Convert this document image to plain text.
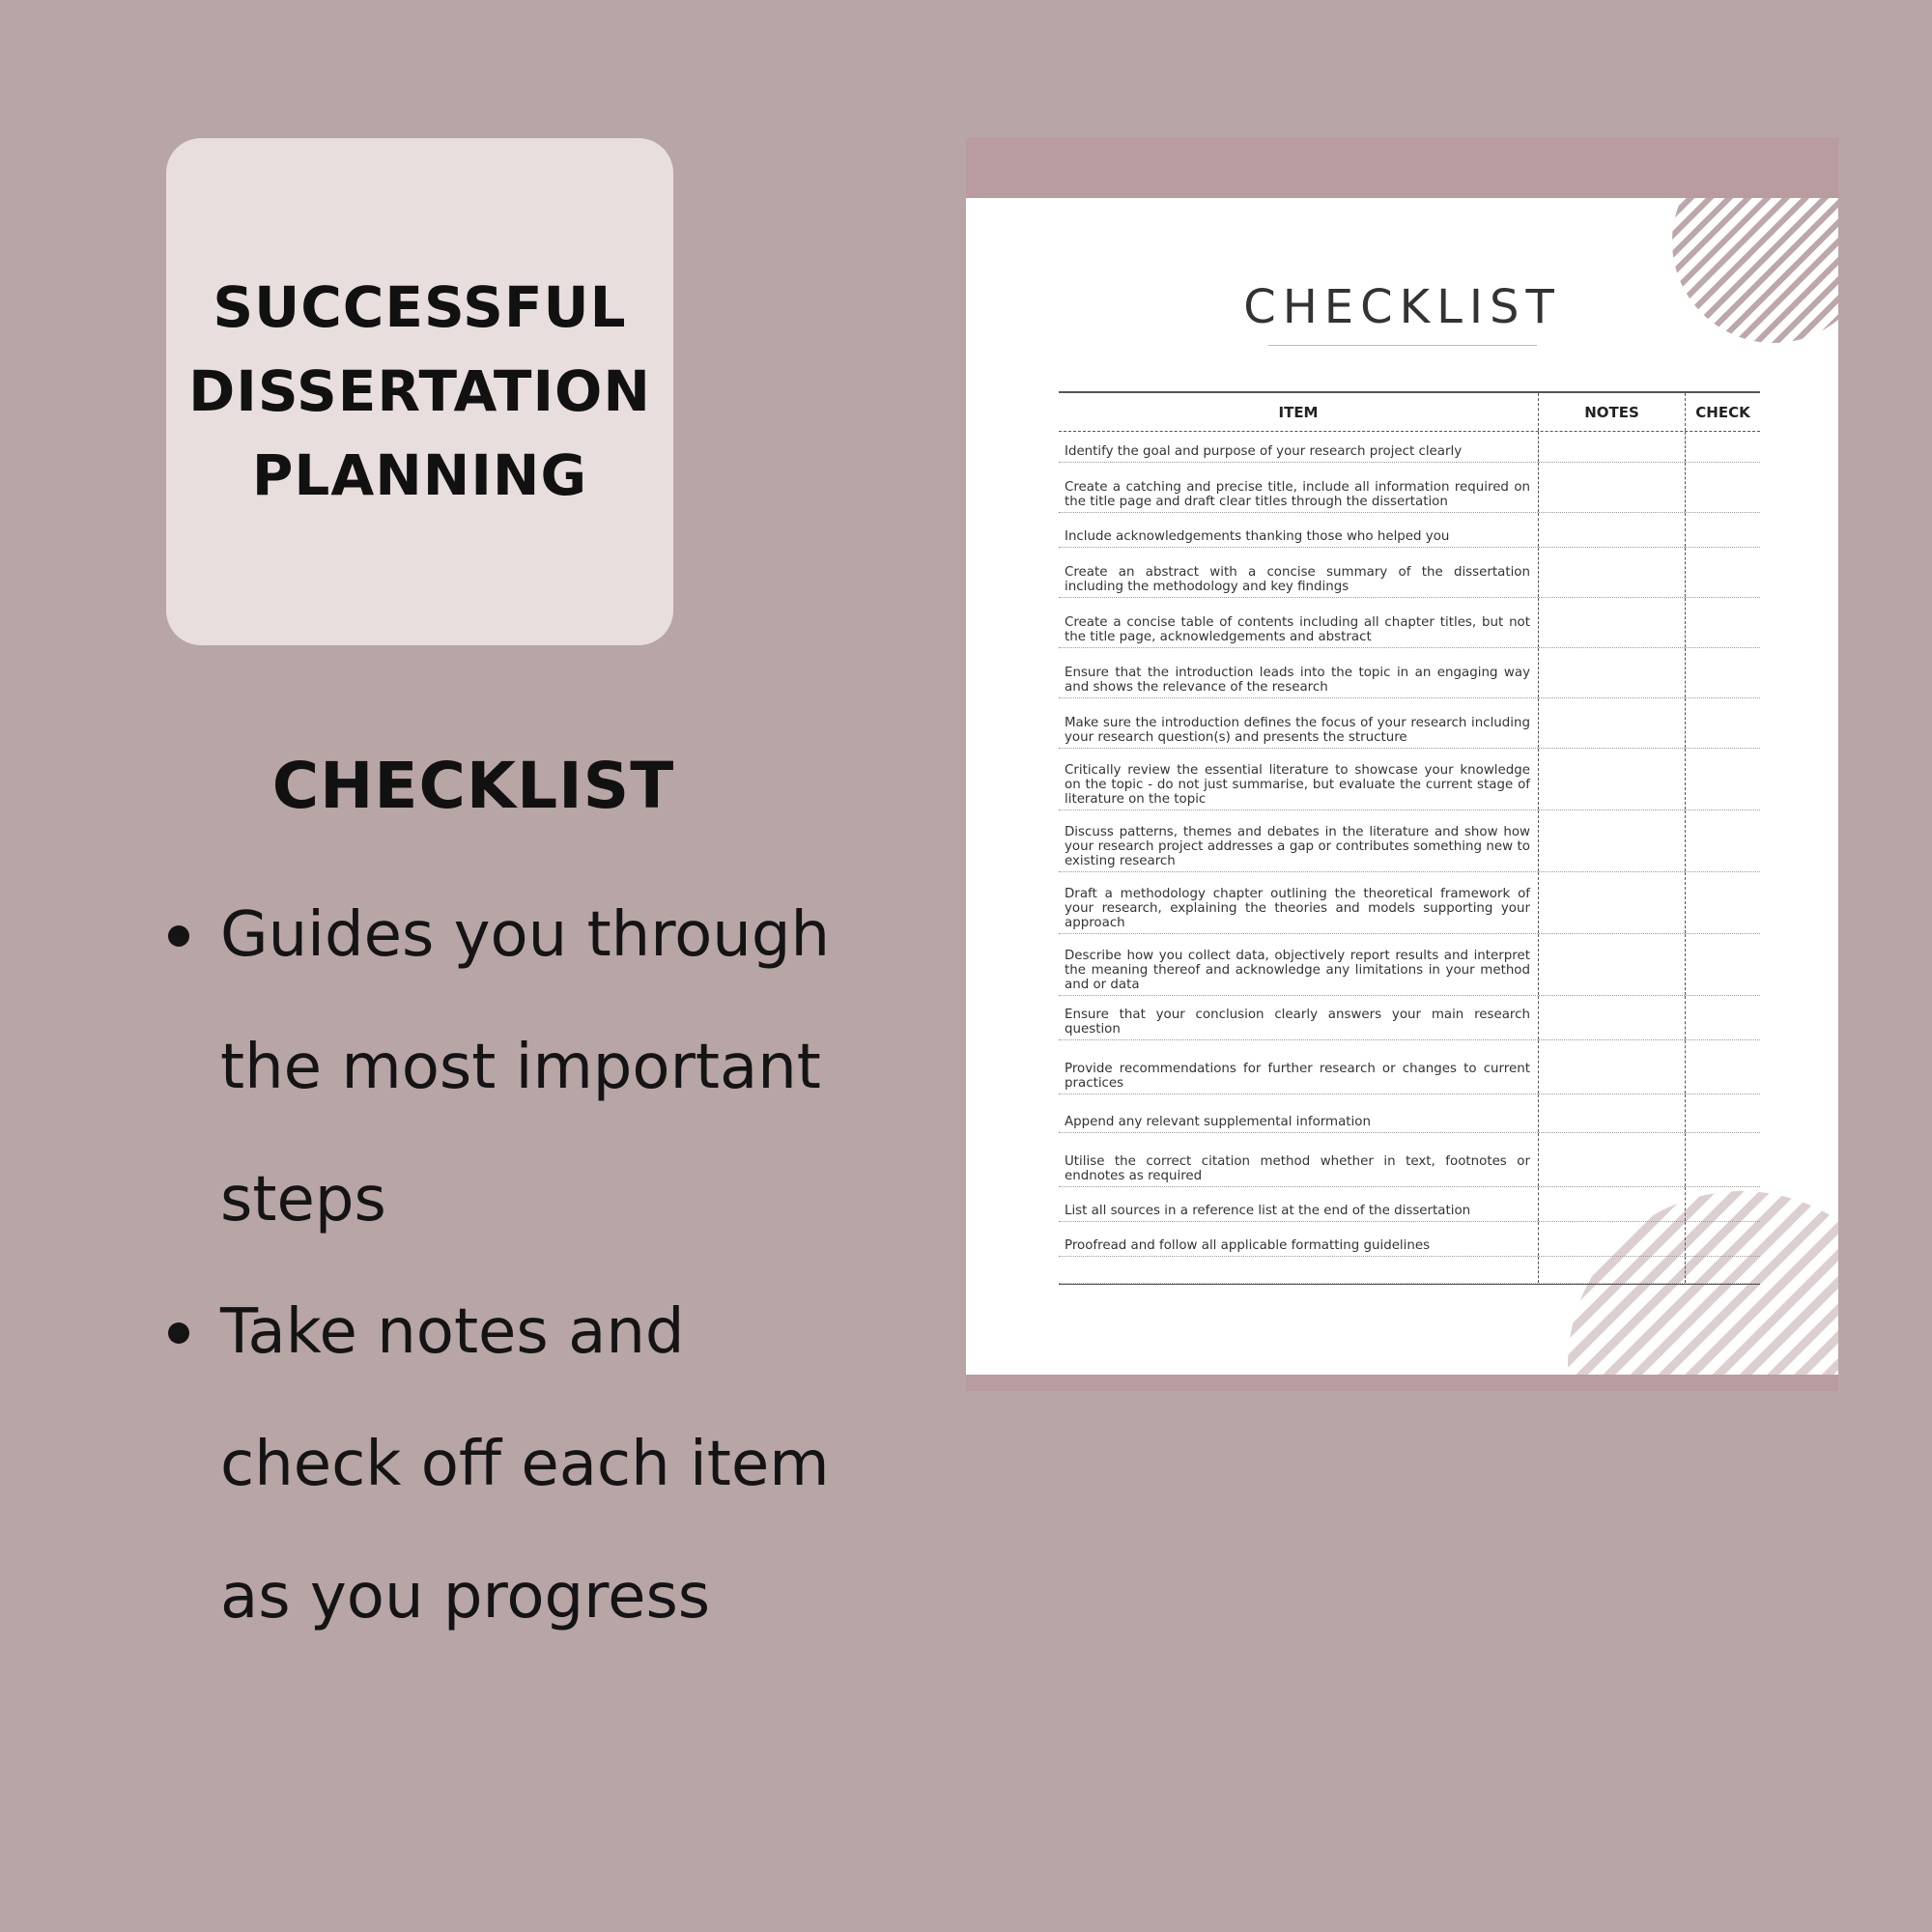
SUCCESSFUL
DISSERTATION
PLANNING
CHECKLIST
Guides you through the most important steps
Take notes and check off each item as you progress
CHECKLIST
ITEM	NOTES	CHECK
Identify the goal and purpose of your research project clearly
Create a catching and precise title, include all information required on the title page and draft clear titles through the dissertation
Include acknowledgements thanking those who helped you
Create an abstract with a concise summary of the dissertation including the methodology and key findings
Create a concise table of contents including all chapter titles, but not the title page, acknowledgements and abstract
Ensure that the introduction leads into the topic in an engaging way and shows the relevance of the research
Make sure the introduction defines the focus of your research including your research question(s) and presents the structure
Critically review the essential literature to showcase your knowledge on the topic - do not just summarise, but evaluate the current stage of literature on the topic
Discuss patterns, themes and debates in the literature and show how your research project addresses a gap or contributes something new to existing research
Draft a methodology chapter outlining the theoretical framework of your research, explaining the theories and models supporting your approach
Describe how you collect data, objectively report results and interpret the meaning thereof and acknowledge any limitations in your method and or data
Ensure that your conclusion clearly answers your main research question
Provide recommendations for further research or changes to current practices
Append any relevant supplemental information
Utilise the correct citation method whether in text, footnotes or endnotes as required
List all sources in a reference list at the end of the dissertation
Proofread and follow all applicable formatting guidelines
